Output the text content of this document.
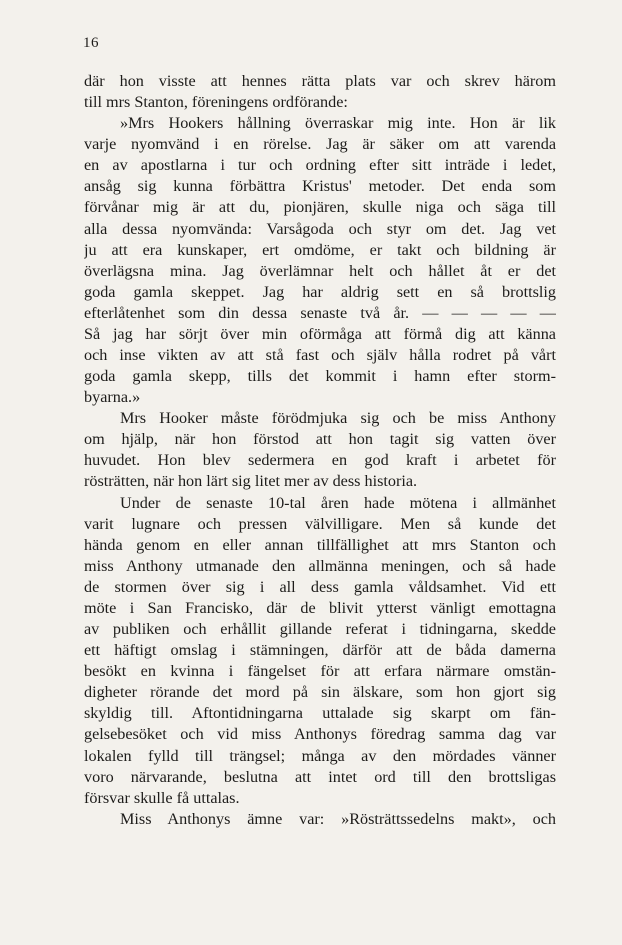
16
där hon visste att hennes rätta plats var och skrev härom
till mrs Stanton, föreningens ordförande:
»Mrs Hookers hållning överraskar mig inte. Hon är lik
varje nyomvänd i en rörelse. Jag är säker om att varenda
en av apostlarna i tur och ordning efter sitt inträde i ledet,
ansåg sig kunna förbättra Kristus' metoder. Det enda som
förvånar mig är att du, pionjären, skulle niga och säga till
alla dessa nyomvända: Varsågoda och styr om det. Jag vet
ju att era kunskaper, ert omdöme, er takt och bildning är
överlägsna mina. Jag överlämnar helt och hållet åt er det
goda gamla skeppet. Jag har aldrig sett en så brottslig
efterlåtenhet som din dessa senaste två år. — — — — —
Så jag har sörjt över min oförmåga att förmå dig att känna
och inse vikten av att stå fast och själv hålla rodret på vårt
goda gamla skepp, tills det kommit i hamn efter storm-
byarna.»
Mrs Hooker måste förödmjuka sig och be miss Anthony
om hjälp, när hon förstod att hon tagit sig vatten över
huvudet. Hon blev sedermera en god kraft i arbetet för
rösträtten, när hon lärt sig litet mer av dess historia.
Under de senaste 10-tal åren hade mötena i allmänhet
varit lugnare och pressen välvilligare. Men så kunde det
hända genom en eller annan tillfällighet att mrs Stanton och
miss Anthony utmanade den allmänna meningen, och så hade
de stormen över sig i all dess gamla våldsamhet. Vid ett
möte i San Francisko, där de blivit ytterst vänligt emottagna
av publiken och erhållit gillande referat i tidningarna, skedde
ett häftigt omslag i stämningen, därför att de båda damerna
besökt en kvinna i fängelset för att erfara närmare omstän-
digheter rörande det mord på sin älskare, som hon gjort sig
skyldig till. Aftontidningarna uttalade sig skarpt om fän-
gelsebesöket och vid miss Anthonys föredrag samma dag var
lokalen fylld till trängsel; många av den mördades vänner
voro närvarande, beslutna att intet ord till den brottsligas
försvar skulle få uttalas.
Miss Anthonys ämne var: »Rösträttssedelns makt», och
